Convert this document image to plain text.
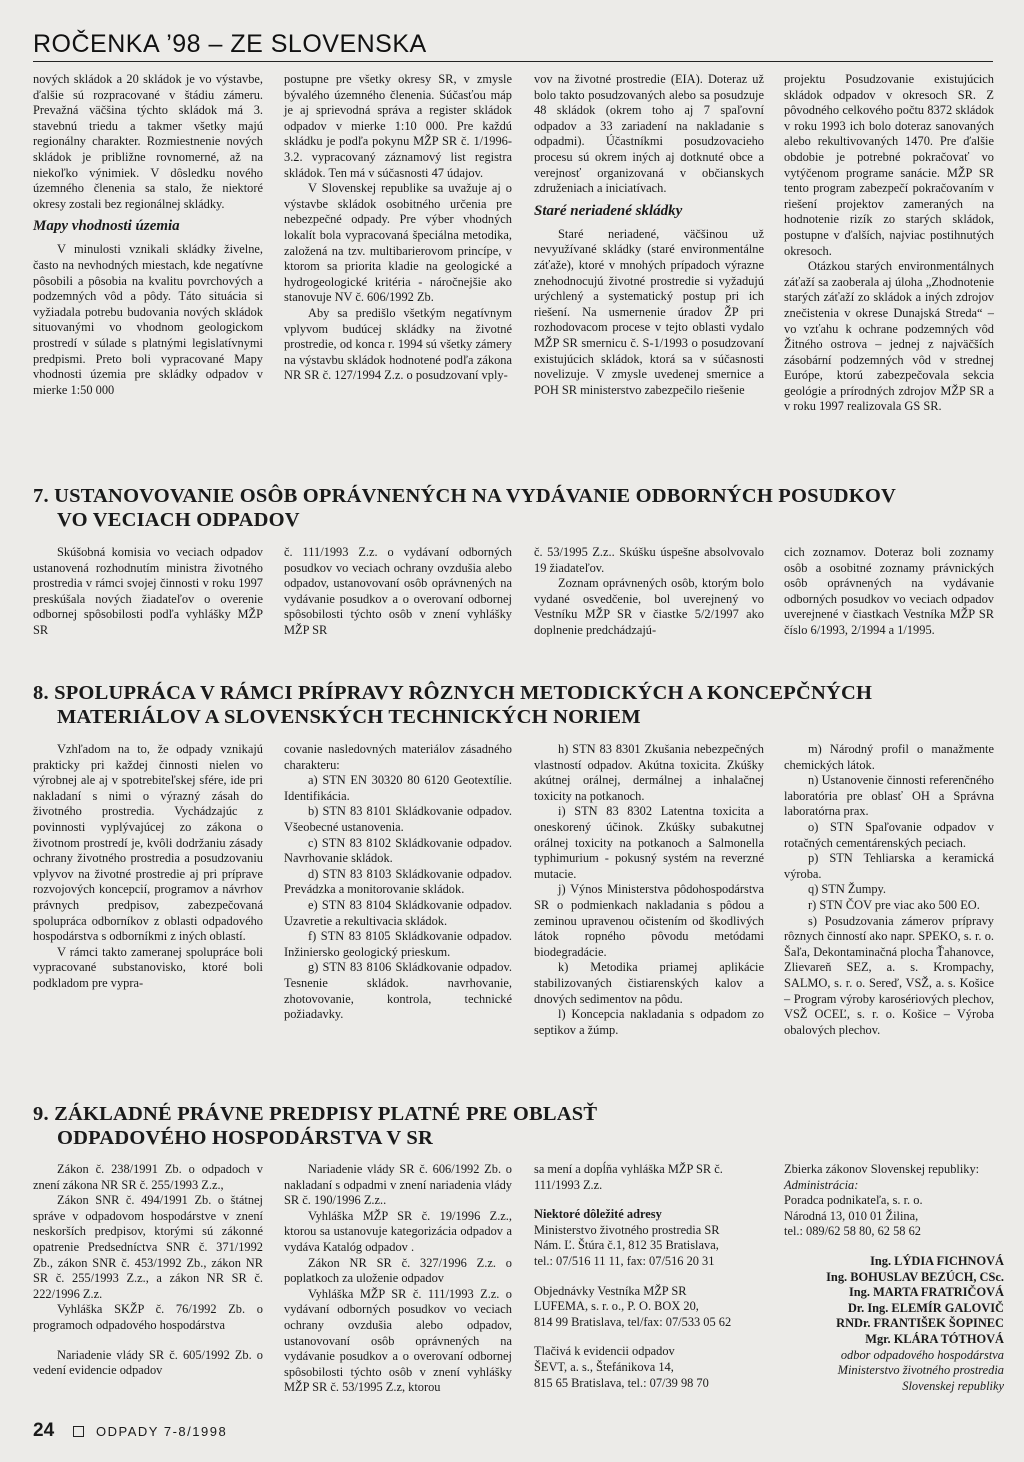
ROČENKA ’98 – ZE SLOVENSKA

nových skládok a 20 skládok je vo výstavbe, ďalšie sú rozpracované v štádiu zámeru. Prevažná väčšina týchto skládok má 3. stavebnú triedu a takmer všetky majú regionálny charakter. Rozmiestnenie nových skládok je približne rovnomerné, až na niekoľko výnimiek. V dôsledku nového územného členenia sa stalo, že niektoré okresy zostali bez regionálnej skládky.

Mapy vhodnosti územia

V minulosti vznikali skládky živelne, často na nevhodných miestach, kde negatívne pôsobili a pôsobia na kvalitu povrchových a podzemných vôd a pôdy. Táto situácia si vyžiadala potrebu budovania nových skládok situovanými vo vhodnom geologickom prostredí v súlade s platnými legislatívnymi predpismi. Preto boli vypracované Mapy vhodnosti územia pre skládky odpadov v mierke 1:50 000

postupne pre všetky okresy SR, v zmysle bývalého územného členenia. Súčasťou máp je aj sprievodná správa a register skládok odpadov v mierke 1:10 000. Pre každú skládku je podľa pokynu MŽP SR č. 1/1996-3.2. vypracovaný záznamový list registra skládok. Ten má v súčasnosti 47 údajov.

V Slovenskej republike sa uvažuje aj o výstavbe skládok osobitného určenia pre nebezpečné odpady. Pre výber vhodných lokalít bola vypracovaná špeciálna metodika, založená na tzv. multibarierovom princípe, v ktorom sa priorita kladie na geologické a hydrogeologické kritéria - náročnejšie ako stanovuje NV č. 606/1992 Zb.

Aby sa predišlo všetkým negatívnym vplyvom budúcej skládky na životné prostredie, od konca r. 1994 sú všetky zámery na výstavbu skládok hodnotené podľa zákona NR SR č. 127/1994 Z.z. o posudzovaní vply-

vov na životné prostredie (EIA). Doteraz už bolo takto posudzovaných alebo sa posudzuje 48 skládok (okrem toho aj 7 spaľovní odpadov a 33 zariadení na nakladanie s odpadmi). Účastníkmi posudzovacieho procesu sú okrem iných aj dotknuté obce a verejnosť organizovaná v občianskych združeniach a iniciatívach.

Staré neriadené skládky

Staré neriadené, väčšinou už nevyužívané skládky (staré environmentálne záťaže), ktoré v mnohých prípadoch výrazne znehodnocujú životné prostredie si vyžadujú urýchlený a systematický postup pri ich riešení. Na usmernenie úradov ŽP pri rozhodovacom procese v tejto oblasti vydalo MŽP SR smernicu č. S-1/1993 o posudzovaní existujúcich skládok, ktorá sa v súčasnosti novelizuje. V zmysle uvedenej smernice a POH SR ministerstvo zabezpečilo riešenie

projektu Posudzovanie existujúcich skládok odpadov v okresoch SR. Z pôvodného celkového počtu 8372 skládok v roku 1993 ich bolo doteraz sanovaných alebo rekultivovaných 1470. Pre ďalšie obdobie je potrebné pokračovať vo vytýčenom programe sanácie. MŽP SR tento program zabezpečí pokračovaním v riešení projektov zameraných na hodnotenie rizík zo starých skládok, postupne v ďalších, najviac postihnutých okresoch.

Otázkou starých environmentálnych záťaží sa zaoberala aj úloha „Zhodnotenie starých záťaží zo skládok a iných zdrojov znečistenia v okrese Dunajská Streda“ – vo vzťahu k ochrane podzemných vôd Žitného ostrova – jednej z najväčších zásobární podzemných vôd v strednej Európe, ktorú zabezpečovala sekcia geológie a prírodných zdrojov MŽP SR a v roku 1997 realizovala GS SR.

7. USTANOVOVANIE OSÔB OPRÁVNENÝCH NA VYDÁVANIE ODBORNÝCH POSUDKOV
VO VECIACH ODPADOV

Skúšobná komisia vo veciach odpadov ustanovená rozhodnutím ministra životného prostredia v rámci svojej činnosti v roku 1997 preskúšala nových žiadateľov o overenie odbornej spôsobilosti podľa vyhlášky MŽP SR

č. 111/1993 Z.z. o vydávaní odborných posudkov vo veciach ochrany ovzdušia alebo odpadov, ustanovovaní osôb oprávnených na vydávanie posudkov a o overovaní odbornej spôsobilosti týchto osôb v znení vyhlášky MŽP SR

č. 53/1995 Z.z.. Skúšku úspešne absolvovalo 19 žiadateľov.

Zoznam oprávnených osôb, ktorým bolo vydané osvedčenie, bol uverejnený vo Vestníku MŽP SR v čiastke 5/2/1997 ako doplnenie predchádzajú-

cich zoznamov. Doteraz boli zoznamy osôb a osobitné zoznamy právnických osôb oprávnených na vydávanie odborných posudkov vo veciach odpadov uverejnené v čiastkach Vestníka MŽP SR číslo 6/1993, 2/1994 a 1/1995.

8. SPOLUPRÁCA V RÁMCI PRÍPRAVY RÔZNYCH METODICKÝCH A KONCEPČNÝCH
MATERIÁLOV A SLOVENSKÝCH TECHNICKÝCH NORIEM

Vzhľadom na to, že odpady vznikajú prakticky pri každej činnosti nielen vo výrobnej ale aj v spotrebiteľskej sfére, ide pri nakladaní s nimi o výrazný zásah do životného prostredia. Vychádzajúc z povinnosti vyplývajúcej zo zákona o životnom prostredí je, kvôli dodržaniu zásady ochrany životného prostredia a posudzovaniu vplyvov na životné prostredie aj pri príprave rozvojových koncepcií, programov a návrhov právnych predpisov, zabezpečovaná spolupráca odborníkov z oblasti odpadového hospodárstva s odborníkmi z iných oblastí.

V rámci takto zameranej spolupráce boli vypracované substanovisko, ktoré boli podkladom pre vypra-

covanie nasledovných materiálov zásadného charakteru:

a) STN EN 30320 80 6120 Geotextílie. Identifikácia.

b) STN 83 8101 Skládkovanie odpadov. Všeobecné ustanovenia.

c) STN 83 8102 Skládkovanie odpadov. Navrhovanie skládok.

d) STN 83 8103 Skládkovanie odpadov. Prevádzka a monitorovanie skládok.

e) STN 83 8104 Skládkovanie odpadov. Uzavretie a rekultivacia skládok.

f) STN 83 8105 Skládkovanie odpadov. Inžiniersko geologický prieskum.

g) STN 83 8106 Skládkovanie odpadov. Tesnenie skládok. navrhovanie, zhotovovanie, kontrola, technické požiadavky.

h) STN 83 8301 Zkušania nebezpečných vlastností odpadov. Akútna toxicita. Zkúšky akútnej orálnej, dermálnej a inhalačnej toxicity na potkanoch.

i) STN 83 8302 Latentna toxicita a oneskorený účinok. Zkúšky subakutnej orálnej toxicity na potkanoch a Salmonella typhimurium - pokusný systém na reverzné mutacie.

j) Výnos Ministerstva pôdohospodárstva SR o podmienkach nakladania s pôdou a zeminou upravenou očistením od škodlivých látok ropného pôvodu metódami biodegradácie.

k) Metodika priamej aplikácie stabilizovaných čistiarenských kalov a dnových sedimentov na pôdu.

l) Koncepcia nakladania s odpadom zo septikov a žúmp.

m) Národný profil o manažmente chemických látok.

n) Ustanovenie činnosti referenčného laboratória pre oblasť OH a Správna laboratórna prax.

o) STN Spaľovanie odpadov v rotačných cementárenských peciach.

p) STN Tehliarska a keramická výroba.

q) STN Žumpy.

r) STN ČOV pre viac ako 500 EO.

s) Posudzovania zámerov prípravy rôznych činností ako napr. SPEKO, s. r. o. Šaľa, Dekontaminačná plocha Ťahanovce, Zlievareň SEZ, a. s. Krompachy, SALMO, s. r. o. Sereď, VSŽ, a. s. Košice – Program výroby karosériových plechov, VSŽ OCEĽ, s. r. o. Košice – Výroba obalových plechov.

9. ZÁKLADNÉ PRÁVNE PREDPISY PLATNÉ PRE OBLASŤ
ODPADOVÉHO HOSPODÁRSTVA V SR

Zákon č. 238/1991 Zb. o odpadoch v znení zákona NR SR č. 255/1993 Z.z.,

Zákon SNR č. 494/1991 Zb. o štátnej správe v odpadovom hospodárstve v znení neskorších predpisov, ktorými sú zákonné opatrenie Predsedníctva SNR č. 371/1992 Zb., zákon SNR č. 453/1992 Zb., zákon NR SR č. 255/1993 Z.z., a zákon NR SR č. 222/1996 Z.z.

Vyhláška SKŽP č. 76/1992 Zb. o programoch odpadového hospodárstva

Nariadenie vlády SR č. 605/1992 Zb. o vedení evidencie odpadov

Nariadenie vlády SR č. 606/1992 Zb. o nakladaní s odpadmi v znení nariadenia vlády SR č. 190/1996 Z.z..

Vyhláška MŽP SR č. 19/1996 Z.z., ktorou sa ustanovuje kategorizácia odpadov a vydáva Katalóg odpadov .

Zákon NR SR č. 327/1996 Z.z. o poplatkoch za uloženie odpadov

Vyhláška MŽP SR č. 111/1993 Z.z. o vydávaní odborných posudkov vo veciach ochrany ovzdušia alebo odpadov, ustanovovaní osôb oprávnených na vydávanie posudkov a o overovaní odbornej spôsobilosti týchto osôb v znení vyhlášky MŽP SR č. 53/1995 Z.z, ktorou

sa mení a dopĺňa vyhláška MŽP SR č. 111/1993 Z.z.

Niektoré dôležité adresy

Ministerstvo životného prostredia SR
Nám. Ľ. Štúra č.1, 812 35 Bratislava,
tel.: 07/516 11 11, fax: 07/516 20 31

Objednávky Vestníka MŽP SR
LUFEMA, s. r. o., P. O. BOX 20,
814 99 Bratislava, tel/fax: 07/533 05 62

Tlačivá k evidencii odpadov
ŠEVT, a. s., Štefánikova 14,
815 65 Bratislava, tel.: 07/39 98 70

Zbierka zákonov Slovenskej republiky:

Administrácia:

Poradca podnikateľa, s. r. o.
Národná 13, 010 01 Žilina,
tel.: 089/62 58 80, 62 58 62

Ing. LÝDIA FICHNOVÁ
Ing. BOHUSLAV BEZÚCH, CSc.
Ing. MARTA FRATRIČOVÁ
Dr. Ing. ELEMÍR GALOVIČ
RNDr. FRANTIŠEK ŠOPINEC
Mgr. KLÁRA TÓTHOVÁ
odbor odpadového hospodárstva
Ministerstvo životného prostredia
Slovenskej republiky
24	ODPADY 7-8/1998
